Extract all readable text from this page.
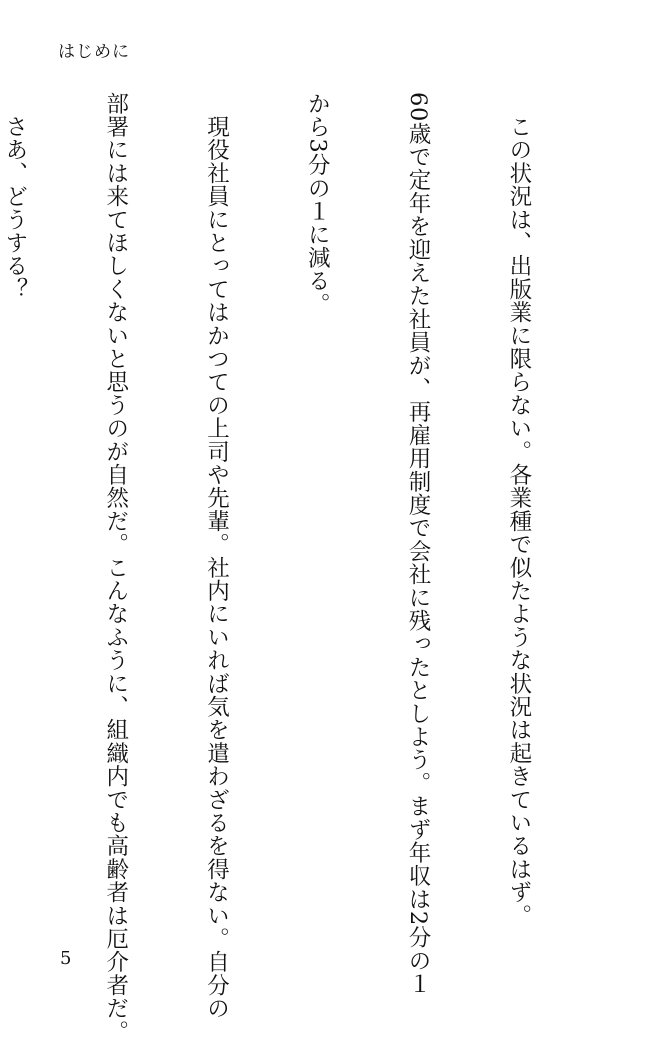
はじめに

　この状況は、出版業に限らない。各業種で似たような状況は起きているはず。

60歳で定年を迎えた社員が、再雇用制度で会社に残ったとしよう。まず年収は2分の１

から3分の１に減る。

　現役社員にとってはかつての上司や先輩。社内にいれば気を遣わざるを得ない。自分の

部署には来てほしくないと思うのが自然だ。こんなふうに、組織内でも高齢者は厄介者だ。

　さあ、どうする？

5
